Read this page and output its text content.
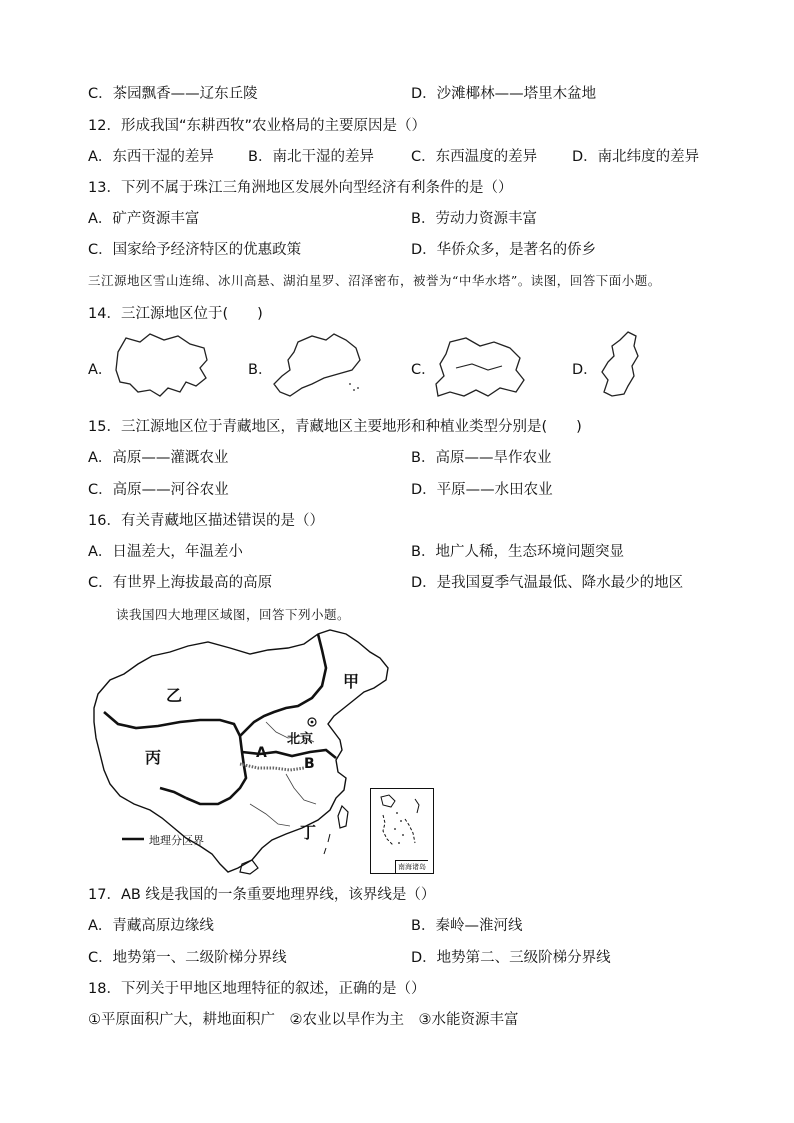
C．茶园飘香——辽东丘陵	D．沙滩椰林——塔里木盆地
12．形成我国“东耕西牧”农业格局的主要原因是（）
A．东西干湿的差异 B．南北干湿的差异	C．东西温度的差异 D．南北纬度的差异
13．下列不属于珠江三角洲地区发展外向型经济有利条件的是（）
A．矿产资源丰富	B．劳动力资源丰富
C．国家给予经济特区的优惠政策	D．华侨众多，是著名的侨乡
三江源地区雪山连绵、冰川高悬、湖泊星罗、沼泽密布，被誉为“中华水塔”。读图，回答下面小题。
14．三江源地区位于(　　)
A．	B．	C．	D．
15．三江源地区位于青藏地区，青藏地区主要地形和种植业类型分别是(　　)
A．高原——灌溉农业	B．高原——旱作农业
C．高原——河谷农业	D．平原——水田农业
16．有关青藏地区描述错误的是（）
A．日温差大，年温差小	B．地广人稀，生态环境问题突显
C．有世界上海拔最高的高原	D．是我国夏季气温最低、降水最少的地区
读我国四大地理区域图，回答下列小题。
甲
乙
丙
丁
A
B
北京
地理分区界
南海诸岛
17．AB 线是我国的一条重要地理界线，该界线是（）
A．青藏高原边缘线	B．秦岭—淮河线
C．地势第一、二级阶梯分界线	D．地势第二、三级阶梯分界线
18．下列关于甲地区地理特征的叙述，正确的是（）
①平原面积广大，耕地面积广　②农业以旱作为主　③水能资源丰富
